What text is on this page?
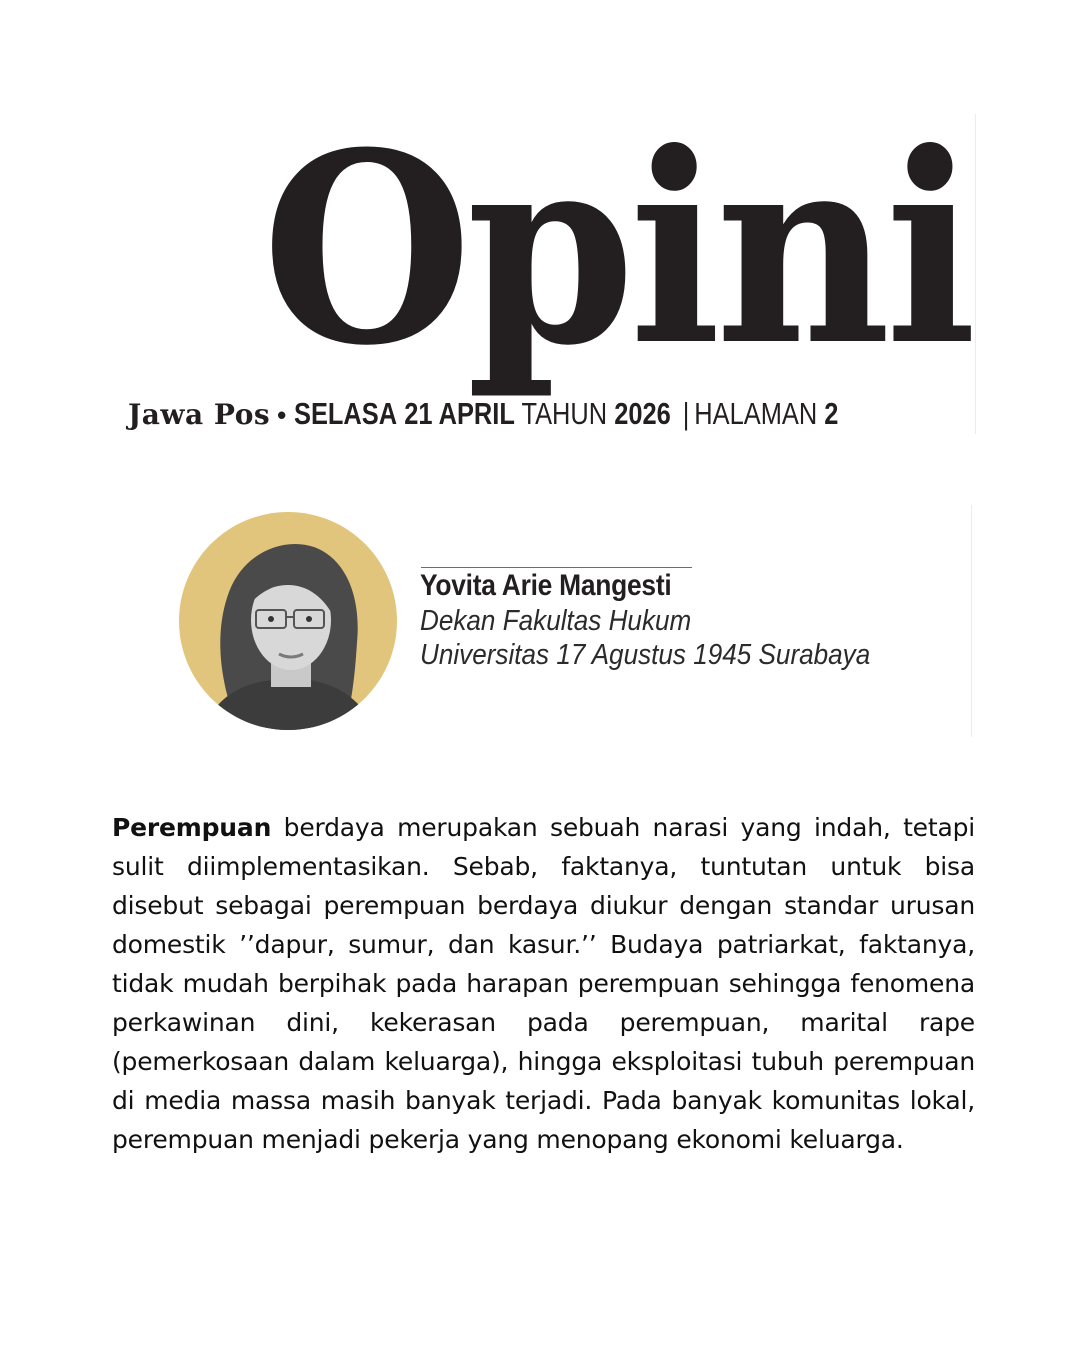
Opini
Jawa Pos • SELASA 21 APRIL TAHUN 2026 | HALAMAN 2
Yovita Arie Mangesti
Dekan Fakultas Hukum
Universitas 17 Agustus 1945 Surabaya
Perempuan berdaya merupakan sebuah narasi yang indah, tetapi sulit diimplementasikan. Sebab, faktanya, tuntutan untuk bisa disebut sebagai perempuan berdaya diukur dengan standar urusan domestik ’’dapur, sumur, dan kasur.’’ Budaya patriarkat, faktanya, tidak mudah berpihak pada harapan perempuan sehingga fenomena perkawinan dini, kekerasan pada perempuan, marital rape (pemerkosaan dalam keluarga), hingga eksploitasi tubuh perempuan di media massa masih banyak terjadi. Pada banyak komunitas lokal, perempuan menjadi pekerja yang menopang ekonomi keluarga.
